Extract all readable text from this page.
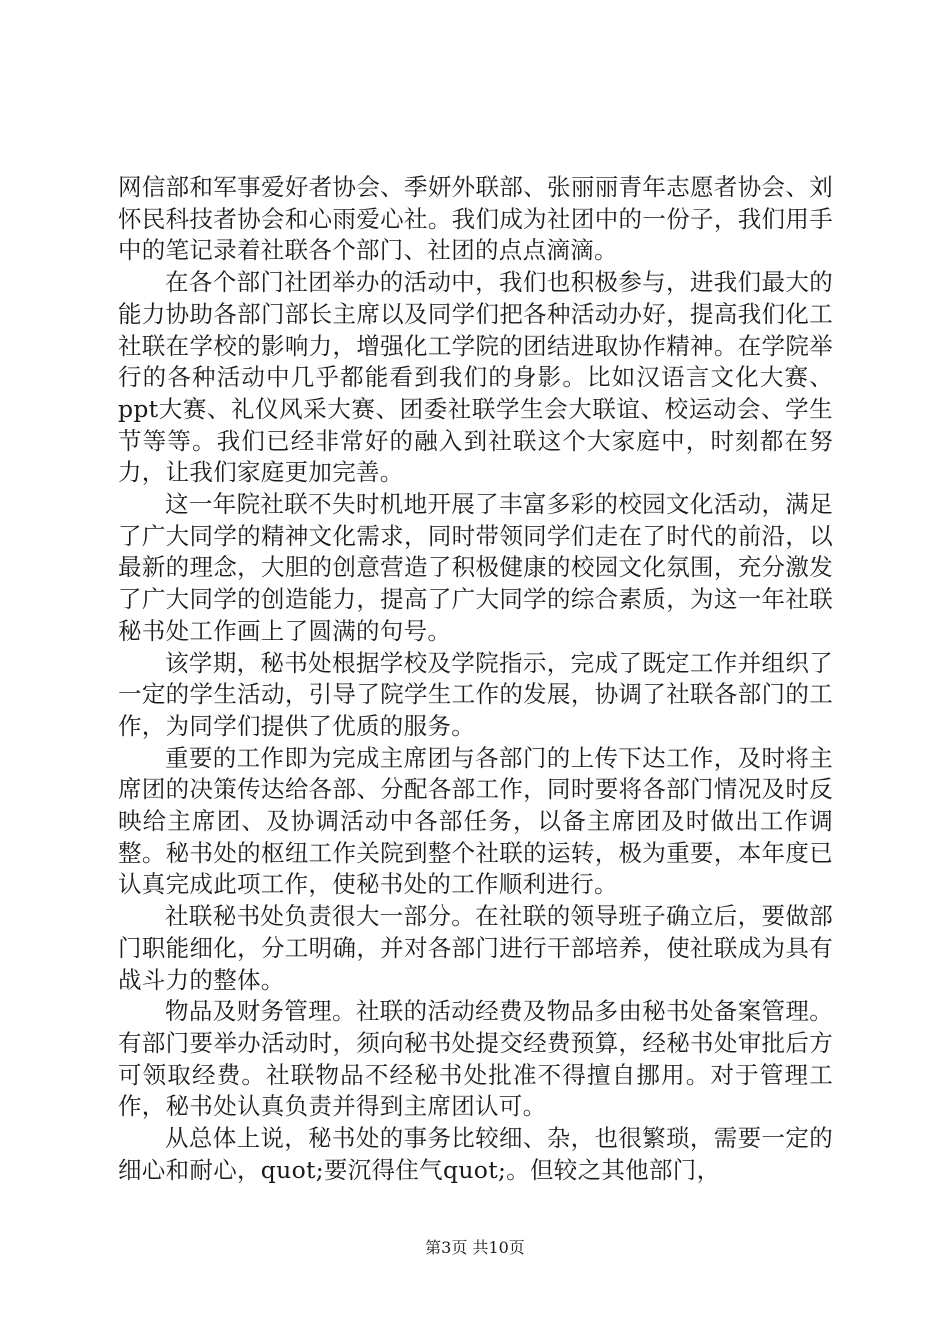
网信部和军事爱好者协会、季妍外联部、张丽丽青年志愿者协会、刘怀民科技者协会和心雨爱心社。我们成为社团中的一份子，我们用手中的笔记录着社联各个部门、社团的点点滴滴。

在各个部门社团举办的活动中，我们也积极参与，进我们最大的能力协助各部门部长主席以及同学们把各种活动办好，提高我们化工社联在学校的影响力，增强化工学院的团结进取协作精神。在学院举行的各种活动中几乎都能看到我们的身影。比如汉语言文化大赛、ppt大赛、礼仪风采大赛、团委社联学生会大联谊、校运动会、学生节等等。我们已经非常好的融入到社联这个大家庭中，时刻都在努力，让我们家庭更加完善。

这一年院社联不失时机地开展了丰富多彩的校园文化活动，满足了广大同学的精神文化需求，同时带领同学们走在了时代的前沿，以最新的理念，大胆的创意营造了积极健康的校园文化氛围，充分激发了广大同学的创造能力，提高了广大同学的综合素质，为这一年社联秘书处工作画上了圆满的句号。

该学期，秘书处根据学校及学院指示，完成了既定工作并组织了一定的学生活动，引导了院学生工作的发展，协调了社联各部门的工作，为同学们提供了优质的服务。

重要的工作即为完成主席团与各部门的上传下达工作，及时将主席团的决策传达给各部、分配各部工作，同时要将各部门情况及时反映给主席团、及协调活动中各部任务，以备主席团及时做出工作调整。秘书处的枢纽工作关院到整个社联的运转，极为重要，本年度已认真完成此项工作，使秘书处的工作顺利进行。

社联秘书处负责很大一部分。在社联的领导班子确立后，要做部门职能细化，分工明确，并对各部门进行干部培养，使社联成为具有战斗力的整体。

物品及财务管理。社联的活动经费及物品多由秘书处备案管理。有部门要举办活动时，须向秘书处提交经费预算，经秘书处审批后方可领取经费。社联物品不经秘书处批准不得擅自挪用。对于管理工作，秘书处认真负责并得到主席团认可。

从总体上说，秘书处的事务比较细、杂，也很繁琐，需要一定的细心和耐心，quot;要沉得住气quot;。但较之其他部门，

第3页 共10页
